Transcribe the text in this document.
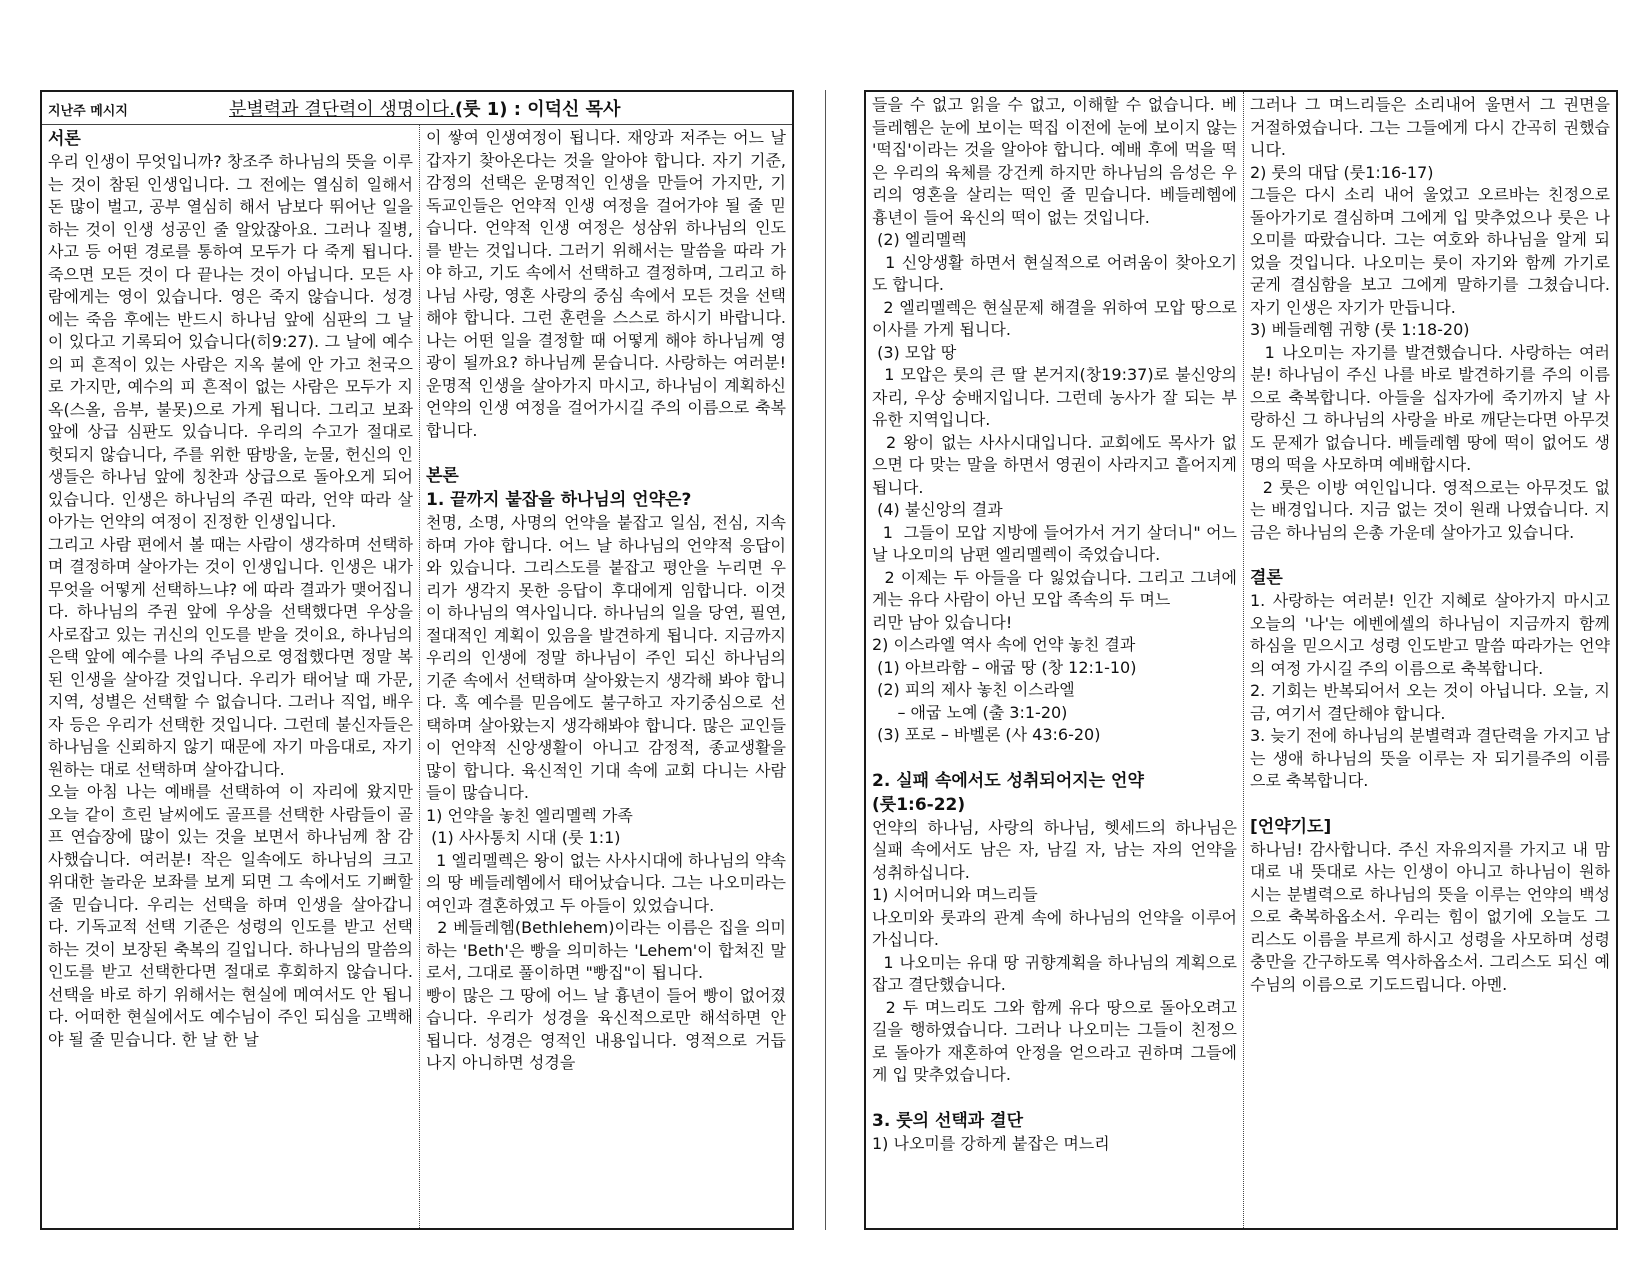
지난주 메시지	분별력과 결단력이 생명이다.(룻 1) : 이덕신 목사
서론

우리 인생이 무엇입니까? 창조주 하나님의 뜻을 이루는 것이 참된 인생입니다. 그 전에는 열심히 일해서 돈 많이 벌고, 공부 열심히 해서 남보다 뛰어난 일을 하는 것이 인생 성공인 줄 알았잖아요. 그러나 질병, 사고 등 어떤 경로를 통하여 모두가 다 죽게 됩니다. 죽으면 모든 것이 다 끝나는 것이 아닙니다. 모든 사람에게는 영이 있습니다. 영은 죽지 않습니다. 성경에는 죽음 후에는 반드시 하나님 앞에 심판의 그 날이 있다고 기록되어 있습니다(히9:27). 그 날에 예수의 피 흔적이 있는 사람은 지옥 불에 안 가고 천국으로 가지만, 예수의 피 흔적이 없는 사람은 모두가 지옥(스올, 음부, 불못)으로 가게 됩니다. 그리고 보좌 앞에 상급 심판도 있습니다. 우리의 수고가 절대로 헛되지 않습니다, 주를 위한 땀방울, 눈물, 헌신의 인생들은 하나님 앞에 칭찬과 상급으로 돌아오게 되어 있습니다. 인생은 하나님의 주권 따라, 언약 따라 살아가는 언약의 여정이 진정한 인생입니다.

그리고 사람 편에서 볼 때는 사람이 생각하며 선택하며 결정하며 살아가는 것이 인생입니다. 인생은 내가 무엇을 어떻게 선택하느냐? 에 따라 결과가 맺어집니다. 하나님의 주권 앞에 우상을 선택했다면 우상을 사로잡고 있는 귀신의 인도를 받을 것이요, 하나님의 은택 앞에 예수를 나의 주님으로 영접했다면 정말 복된 인생을 살아갈 것입니다. 우리가 태어날 때 가문, 지역, 성별은 선택할 수 없습니다. 그러나 직업, 배우자 등은 우리가 선택한 것입니다. 그런데 불신자들은 하나님을 신뢰하지 않기 때문에 자기 마음대로, 자기 원하는 대로 선택하며 살아갑니다.

오늘 아침 나는 예배를 선택하여 이 자리에 왔지만 오늘 같이 흐린 날씨에도 골프를 선택한 사람들이 골프 연습장에 많이 있는 것을 보면서 하나님께 참 감사했습니다. 여러분! 작은 일속에도 하나님의 크고 위대한 놀라운 보좌를 보게 되면 그 속에서도 기뻐할 줄 믿습니다. 우리는 선택을 하며 인생을 살아갑니다. 기독교적 선택 기준은 성령의 인도를 받고 선택하는 것이 보장된 축복의 길입니다. 하나님의 말씀의 인도를 받고 선택한다면 절대로 후회하지 않습니다. 선택을 바로 하기 위해서는 현실에 메여서도 안 됩니다. 어떠한 현실에서도 예수님이 주인 되심을 고백해야 될 줄 믿습니다. 한 날 한 날

이 쌓여 인생여정이 됩니다. 재앙과 저주는 어느 날 갑자기 찾아온다는 것을 알아야 합니다. 자기 기준, 감정의 선택은 운명적인 인생을 만들어 가지만, 기독교인들은 언약적 인생 여정을 걸어가야 될 줄 믿습니다. 언약적 인생 여정은 성삼위 하나님의 인도를 받는 것입니다. 그러기 위해서는 말씀을 따라 가야 하고, 기도 속에서 선택하고 결정하며, 그리고 하나님 사랑, 영혼 사랑의 중심 속에서 모든 것을 선택해야 합니다. 그런 훈련을 스스로 하시기 바랍니다. 나는 어떤 일을 결정할 때 어떻게 해야 하나님께 영광이 될까요? 하나님께 묻습니다. 사랑하는 여러분! 운명적 인생을 살아가지 마시고, 하나님이 계획하신 언약의 인생 여정을 걸어가시길 주의 이름으로 축복합니다.

본론
1. 끝까지 붙잡을 하나님의 언약은?

천명, 소명, 사명의 언약을 붙잡고 일심, 전심, 지속하며 가야 합니다. 어느 날 하나님의 언약적 응답이 와 있습니다. 그리스도를 붙잡고 평안을 누리면 우리가 생각지 못한 응답이 후대에게 임합니다. 이것이 하나님의 역사입니다. 하나님의 일을 당연, 필연, 절대적인 계획이 있음을 발견하게 됩니다. 지금까지 우리의 인생에 정말 하나님이 주인 되신 하나님의 기준 속에서 선택하며 살아왔는지 생각해 봐야 합니다. 혹 예수를 믿음에도 불구하고 자기중심으로 선택하며 살아왔는지 생각해봐야 합니다. 많은 교인들이 언약적 신앙생활이 아니고 감정적, 종교생활을 많이 합니다. 육신적인 기대 속에 교회 다니는 사람들이 많습니다.

1) 언약을 놓친 엘리멜렉 가족

(1) 사사통치 시대 (룻 1:1)

1 엘리멜렉은 왕이 없는 사사시대에 하나님의 약속의 땅 베들레헴에서 태어났습니다. 그는 나오미라는 여인과 결혼하였고 두 아들이 있었습니다.

2 베들레헴(Bethlehem)이라는 이름은 집을 의미하는 'Beth'은 빵을 의미하는 'Lehem'이 합쳐진 말로서, 그대로 풀이하면 "빵집"이 됩니다.

빵이 많은 그 땅에 어느 날 흉년이 들어 빵이 없어졌습니다. 우리가 성경을 육신적으로만 해석하면 안 됩니다. 성경은 영적인 내용입니다. 영적으로 거듭나지 아니하면 성경을

들을 수 없고 읽을 수 없고, 이해할 수 없습니다. 베들레헴은 눈에 보이는 떡집 이전에 눈에 보이지 않는 '떡집'이라는 것을 알아야 합니다. 예배 후에 먹을 떡은 우리의 육체를 강건케 하지만 하나님의 음성은 우리의 영혼을 살리는 떡인 줄 믿습니다. 베들레헴에 흉년이 들어 육신의 떡이 없는 것입니다.

(2) 엘리멜렉

1 신앙생활 하면서 현실적으로 어려움이 찾아오기도 합니다.

2 엘리멜렉은 현실문제 해결을 위하여 모압 땅으로 이사를 가게 됩니다.

(3) 모압 땅

1 모압은 룻의 큰 딸 본거지(창19:37)로 불신앙의 자리, 우상 숭배지입니다. 그런데 농사가 잘 되는 부유한 지역입니다.

2 왕이 없는 사사시대입니다. 교회에도 목사가 없으면 다 맞는 말을 하면서 영권이 사라지고 흩어지게 됩니다.

(4) 불신앙의 결과

1  그들이 모압 지방에 들어가서 거기 살더니" 어느 날 나오미의 남편 엘리멜렉이 죽었습니다.

2 이제는 두 아들을 다 잃었습니다. 그리고 그녀에게는 유다 사람이 아닌 모압 족속의 두 며느

리만 남아 있습니다!

2) 이스라엘 역사 속에 언약 놓친 결과

(1) 아브라함 – 애굽 땅 (창 12:1-10)

(2) 피의 제사 놓친 이스라엘

– 애굽 노예 (출 3:1-20)

(3) 포로 – 바벨론 (사 43:6-20)

2. 실패 속에서도 성취되어지는 언약
(룻1:6-22)

언약의 하나님, 사랑의 하나님, 헷세드의 하나님은 실패 속에서도 남은 자, 남길 자, 남는 자의 언약을 성취하십니다.

1) 시어머니와 며느리들

나오미와 룻과의 관계 속에 하나님의 언약을 이루어 가십니다.

1 나오미는 유대 땅 귀향계획을 하나님의 계획으로 잡고 결단했습니다.

2 두 며느리도 그와 함께 유다 땅으로 돌아오려고 길을 행하였습니다. 그러나 나오미는 그들이 친정으로 돌아가 재혼하여 안정을 얻으라고 권하며 그들에게 입 맞추었습니다.

3. 룻의 선택과 결단

1) 나오미를 강하게 붙잡은 며느리

그러나 그 며느리들은 소리내어 울면서 그 권면을 거절하였습니다. 그는 그들에게 다시 간곡히 권했습니다.

2) 룻의 대답 (룻1:16-17)

그들은 다시 소리 내어 울었고 오르바는 친정으로 돌아가기로 결심하며 그에게 입 맞추었으나 룻은 나오미를 따랐습니다. 그는 여호와 하나님을 알게 되었을 것입니다. 나오미는 룻이 자기와 함께 가기로 굳게 결심함을 보고 그에게 말하기를 그쳤습니다. 자기 인생은 자기가 만듭니다.

3) 베들레헴 귀향 (룻 1:18-20)

1 나오미는 자기를 발견했습니다. 사랑하는 여러분! 하나님이 주신 나를 바로 발견하기를 주의 이름으로 축복합니다. 아들을 십자가에 죽기까지 날 사랑하신 그 하나님의 사랑을 바로 깨닫는다면 아무것도 문제가 없습니다. 베들레헴 땅에 떡이 없어도 생명의 떡을 사모하며 예배합시다.

2 룻은 이방 여인입니다. 영적으로는 아무것도 없는 배경입니다. 지금 없는 것이 원래 나였습니다. 지금은 하나님의 은총 가운데 살아가고 있습니다.

결론

1. 사랑하는 여러분! 인간 지혜로 살아가지 마시고 오늘의 '나'는 에벤에셀의 하나님이 지금까지 함께 하심을 믿으시고 성령 인도받고 말씀 따라가는 언약의 여정 가시길 주의 이름으로 축복합니다.

2. 기회는 반복되어서 오는 것이 아닙니다. 오늘, 지금, 여기서 결단해야 합니다.

3. 늦기 전에 하나님의 분별력과 결단력을 가지고 남는 생애 하나님의 뜻을 이루는 자 되기를주의 이름으로 축복합니다.

[언약기도]

하나님! 감사합니다. 주신 자유의지를 가지고 내 맘대로 내 뜻대로 사는 인생이 아니고 하나님이 원하시는 분별력으로 하나님의 뜻을 이루는 언약의 백성으로 축복하옵소서. 우리는 힘이 없기에 오늘도 그리스도 이름을 부르게 하시고 성령을 사모하며 성령 충만을 간구하도록 역사하옵소서. 그리스도 되신 예수님의 이름으로 기도드립니다. 아멘.
